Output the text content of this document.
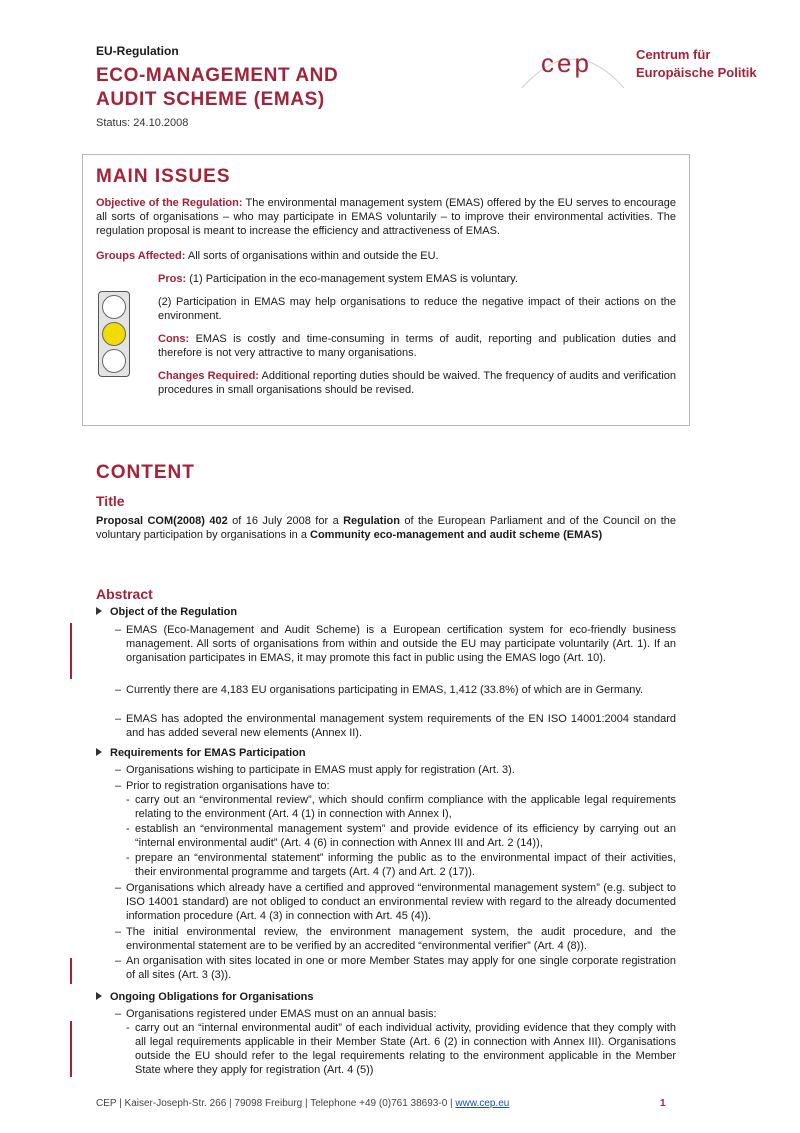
EU-Regulation
ECO-MANAGEMENT AND
AUDIT SCHEME (EMAS)
Status: 24.10.2008
cep	Centrum für
Europäische Politik
MAIN ISSUES
Objective of the Regulation: The environmental management system (EMAS) offered by the EU serves to encourage all sorts of organisations – who may participate in EMAS voluntarily – to improve their environmental activities. The regulation proposal is meant to increase the efficiency and attractiveness of EMAS.
Groups Affected: All sorts of organisations within and outside the EU.
Pros: (1) Participation in the eco-management system EMAS is voluntary.
(2) Participation in EMAS may help organisations to reduce the negative impact of their actions on the environment.
Cons: EMAS is costly and time-consuming in terms of audit, reporting and publication duties and therefore is not very attractive to many organisations.
Changes Required: Additional reporting duties should be waived. The frequency of audits and verification procedures in small organisations should be revised.
CONTENT
Title
Proposal COM(2008) 402 of 16 July 2008 for a Regulation of the European Parliament and of the Council on the voluntary participation by organisations in a Community eco-management and audit scheme (EMAS)
Abstract
Object of the Regulation
– EMAS (Eco-Management and Audit Scheme) is a European certification system for eco-friendly business management. All sorts of organisations from within and outside the EU may participate voluntarily (Art. 1). If an organisation participates in EMAS, it may promote this fact in public using the EMAS logo (Art. 10).
– Currently there are 4,183 EU organisations participating in EMAS, 1,412 (33.8%) of which are in Germany.
– EMAS has adopted the environmental management system requirements of the EN ISO 14001:2004 standard and has added several new elements (Annex II).
Requirements for EMAS Participation
– Organisations wishing to participate in EMAS must apply for registration (Art. 3).
– Prior to registration organisations have to:
- carry out an “environmental review”, which should confirm compliance with the applicable legal requirements relating to the environment (Art. 4 (1) in connection with Annex I),
- establish an “environmental management system” and provide evidence of its efficiency by carrying out an “internal environmental audit” (Art. 4 (6) in connection with Annex III and Art. 2 (14)),
- prepare an “environmental statement” informing the public as to the environmental impact of their activities, their environmental programme and targets (Art. 4 (7) and Art. 2 (17)).
– Organisations which already have a certified and approved “environmental management system” (e.g. subject to ISO 14001 standard) are not obliged to conduct an environmental review with regard to the already documented information procedure (Art. 4 (3) in connection with Art. 45 (4)).
– The initial environmental review, the environment management system, the audit procedure, and the environmental statement are to be verified by an accredited “environmental verifier” (Art. 4 (8)).
– An organisation with sites located in one or more Member States may apply for one single corporate registration of all sites (Art. 3 (3)).
Ongoing Obligations for Organisations
– Organisations registered under EMAS must on an annual basis:
- carry out an “internal environmental audit” of each individual activity, providing evidence that they comply with all legal requirements applicable in their Member State (Art. 6 (2) in connection with Annex III). Organisations outside the EU should refer to the legal requirements relating to the environment applicable in the Member State where they apply for registration (Art. 4 (5))
CEP | Kaiser-Joseph-Str. 266 | 79098 Freiburg | Telephone +49 (0)761 38693-0 | www.cep.eu	1
